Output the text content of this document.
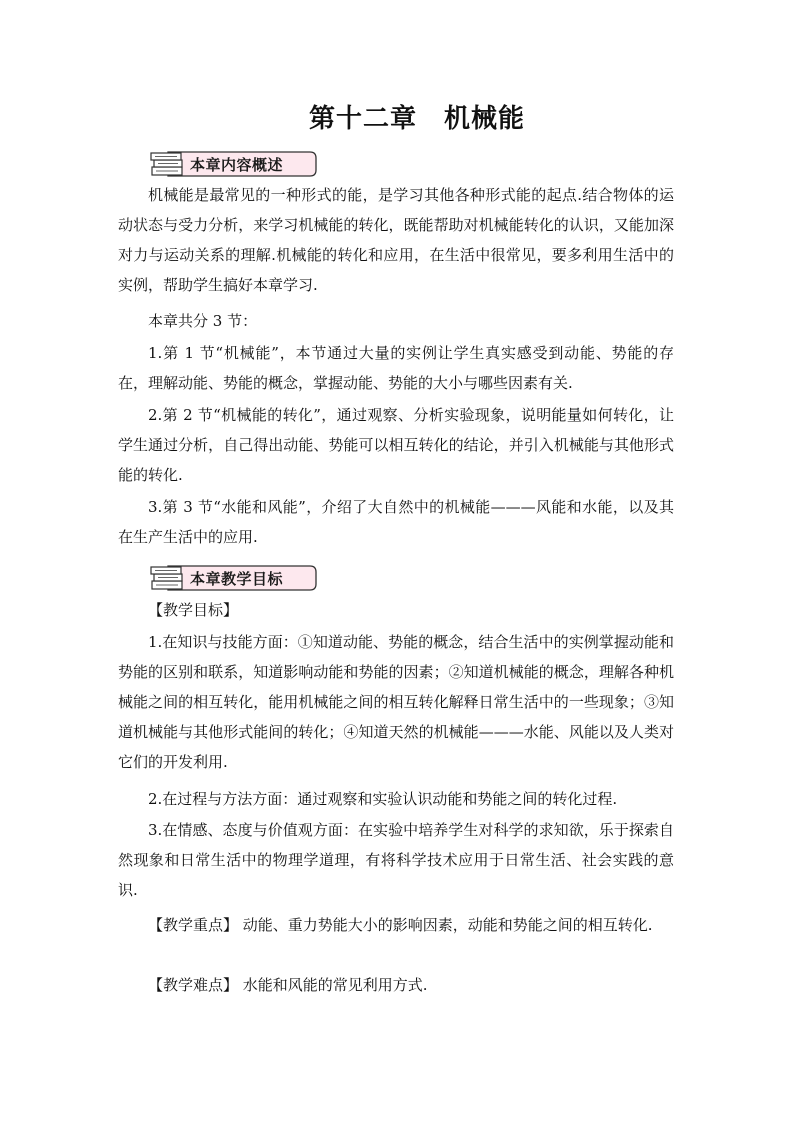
第十二章　机械能
本章内容概述

机械能是最常见的一种形式的能，是学习其他各种形式能的起点.结合物体的运动状态与受力分析，来学习机械能的转化，既能帮助对机械能转化的认识，又能加深对力与运动关系的理解.机械能的转化和应用，在生活中很常见，要多利用生活中的实例，帮助学生搞好本章学习.

本章共分 3 节：

1.第 1 节“机械能”，本节通过大量的实例让学生真实感受到动能、势能的存在，理解动能、势能的概念，掌握动能、势能的大小与哪些因素有关.

2.第 2 节“机械能的转化”，通过观察、分析实验现象，说明能量如何转化，让学生通过分析，自己得出动能、势能可以相互转化的结论，并引入机械能与其他形式能的转化.

3.第 3 节“水能和风能”，介绍了大自然中的机械能———风能和水能，以及其在生产生活中的应用.

本章教学目标

【教学目标】

1.在知识与技能方面：①知道动能、势能的概念，结合生活中的实例掌握动能和势能的区别和联系，知道影响动能和势能的因素；②知道机械能的概念，理解各种机械能之间的相互转化，能用机械能之间的相互转化解释日常生活中的一些现象；③知道机械能与其他形式能间的转化；④知道天然的机械能———水能、风能以及人类对它们的开发利用.

2.在过程与方法方面：通过观察和实验认识动能和势能之间的转化过程.

3.在情感、态度与价值观方面：在实验中培养学生对科学的求知欲，乐于探索自然现象和日常生活中的物理学道理，有将科学技术应用于日常生活、社会实践的意识.

【教学重点】 动能、重力势能大小的影响因素，动能和势能之间的相互转化.

【教学难点】 水能和风能的常见利用方式.
